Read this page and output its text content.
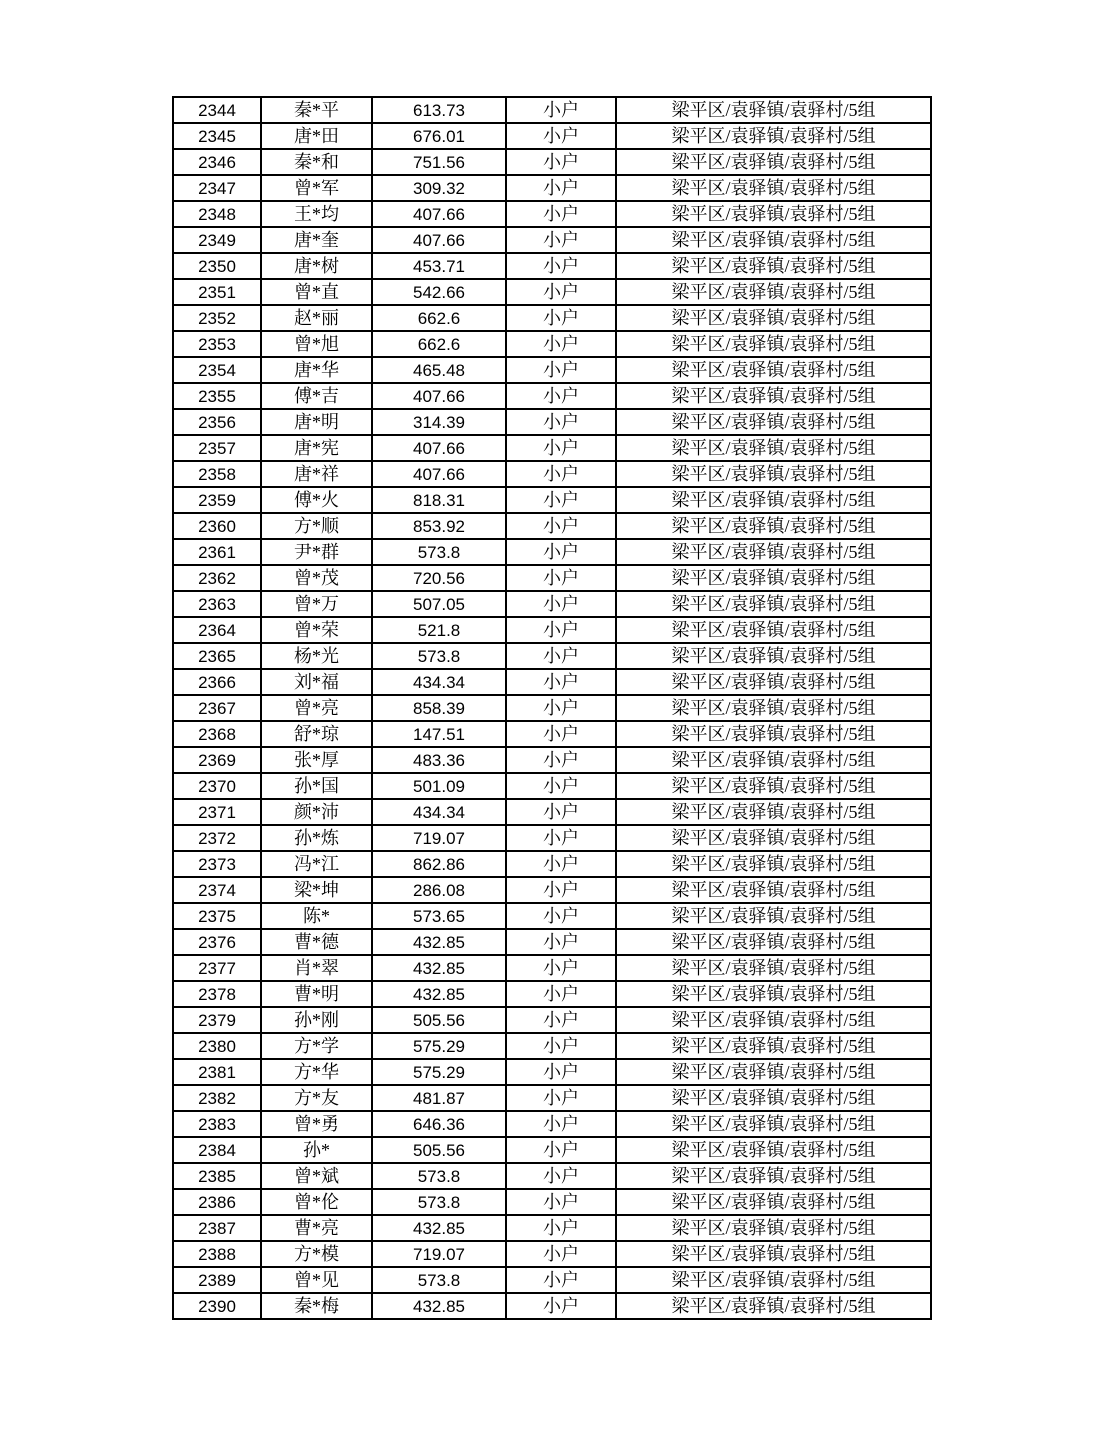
2344	秦*平	613.73	小户	梁平区/袁驿镇/袁驿村/5组
2345	唐*田	676.01	小户	梁平区/袁驿镇/袁驿村/5组
2346	秦*和	751.56	小户	梁平区/袁驿镇/袁驿村/5组
2347	曾*军	309.32	小户	梁平区/袁驿镇/袁驿村/5组
2348	王*均	407.66	小户	梁平区/袁驿镇/袁驿村/5组
2349	唐*奎	407.66	小户	梁平区/袁驿镇/袁驿村/5组
2350	唐*树	453.71	小户	梁平区/袁驿镇/袁驿村/5组
2351	曾*直	542.66	小户	梁平区/袁驿镇/袁驿村/5组
2352	赵*丽	662.6	小户	梁平区/袁驿镇/袁驿村/5组
2353	曾*旭	662.6	小户	梁平区/袁驿镇/袁驿村/5组
2354	唐*华	465.48	小户	梁平区/袁驿镇/袁驿村/5组
2355	傅*吉	407.66	小户	梁平区/袁驿镇/袁驿村/5组
2356	唐*明	314.39	小户	梁平区/袁驿镇/袁驿村/5组
2357	唐*宪	407.66	小户	梁平区/袁驿镇/袁驿村/5组
2358	唐*祥	407.66	小户	梁平区/袁驿镇/袁驿村/5组
2359	傅*火	818.31	小户	梁平区/袁驿镇/袁驿村/5组
2360	方*顺	853.92	小户	梁平区/袁驿镇/袁驿村/5组
2361	尹*群	573.8	小户	梁平区/袁驿镇/袁驿村/5组
2362	曾*茂	720.56	小户	梁平区/袁驿镇/袁驿村/5组
2363	曾*万	507.05	小户	梁平区/袁驿镇/袁驿村/5组
2364	曾*荣	521.8	小户	梁平区/袁驿镇/袁驿村/5组
2365	杨*光	573.8	小户	梁平区/袁驿镇/袁驿村/5组
2366	刘*福	434.34	小户	梁平区/袁驿镇/袁驿村/5组
2367	曾*亮	858.39	小户	梁平区/袁驿镇/袁驿村/5组
2368	舒*琼	147.51	小户	梁平区/袁驿镇/袁驿村/5组
2369	张*厚	483.36	小户	梁平区/袁驿镇/袁驿村/5组
2370	孙*国	501.09	小户	梁平区/袁驿镇/袁驿村/5组
2371	颜*沛	434.34	小户	梁平区/袁驿镇/袁驿村/5组
2372	孙*炼	719.07	小户	梁平区/袁驿镇/袁驿村/5组
2373	冯*江	862.86	小户	梁平区/袁驿镇/袁驿村/5组
2374	梁*坤	286.08	小户	梁平区/袁驿镇/袁驿村/5组
2375	陈*	573.65	小户	梁平区/袁驿镇/袁驿村/5组
2376	曹*德	432.85	小户	梁平区/袁驿镇/袁驿村/5组
2377	肖*翠	432.85	小户	梁平区/袁驿镇/袁驿村/5组
2378	曹*明	432.85	小户	梁平区/袁驿镇/袁驿村/5组
2379	孙*刚	505.56	小户	梁平区/袁驿镇/袁驿村/5组
2380	方*学	575.29	小户	梁平区/袁驿镇/袁驿村/5组
2381	方*华	575.29	小户	梁平区/袁驿镇/袁驿村/5组
2382	方*友	481.87	小户	梁平区/袁驿镇/袁驿村/5组
2383	曾*勇	646.36	小户	梁平区/袁驿镇/袁驿村/5组
2384	孙*	505.56	小户	梁平区/袁驿镇/袁驿村/5组
2385	曾*斌	573.8	小户	梁平区/袁驿镇/袁驿村/5组
2386	曾*伦	573.8	小户	梁平区/袁驿镇/袁驿村/5组
2387	曹*亮	432.85	小户	梁平区/袁驿镇/袁驿村/5组
2388	方*模	719.07	小户	梁平区/袁驿镇/袁驿村/5组
2389	曾*见	573.8	小户	梁平区/袁驿镇/袁驿村/5组
2390	秦*梅	432.85	小户	梁平区/袁驿镇/袁驿村/5组
